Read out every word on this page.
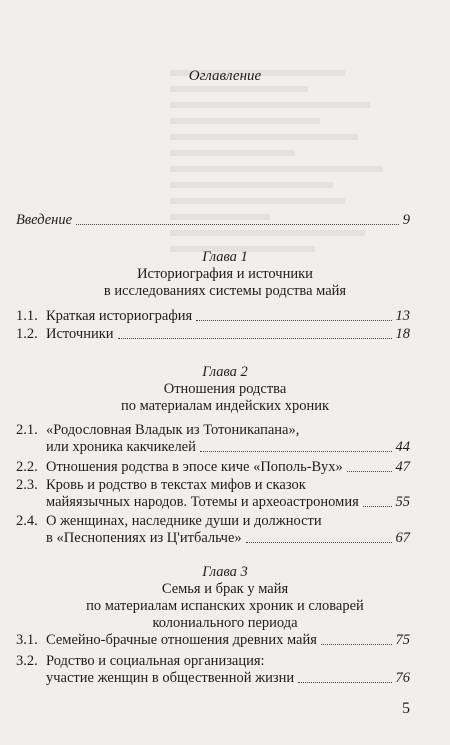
Оглавление
Введение	9
Глава 1
Историография и источники
в исследованиях системы родства майя
1.1. Краткая историография	13
1.2. Источники	18
Глава 2
Отношения родства
по материалам индейских хроник
2.1. «Родословная Владык из Тотоникапана»,
или хроника какчикелей	44
2.2. Отношения родства в эпосе киче «Пополь-Вух»	47
2.3. Кровь и родство в текстах мифов и сказок
майяязычных народов. Тотемы и археоастрономия	55
2.4. О женщинах, наследнике души и должности
в «Песнопениях из Ц'итбальче»	67
Глава 3
Семья и брак у майя
по материалам испанских хроник и словарей
колониального периода
3.1. Семейно-брачные отношения древних майя	75
3.2. Родство и социальная организация:
участие женщин в общественной жизни	76
5
